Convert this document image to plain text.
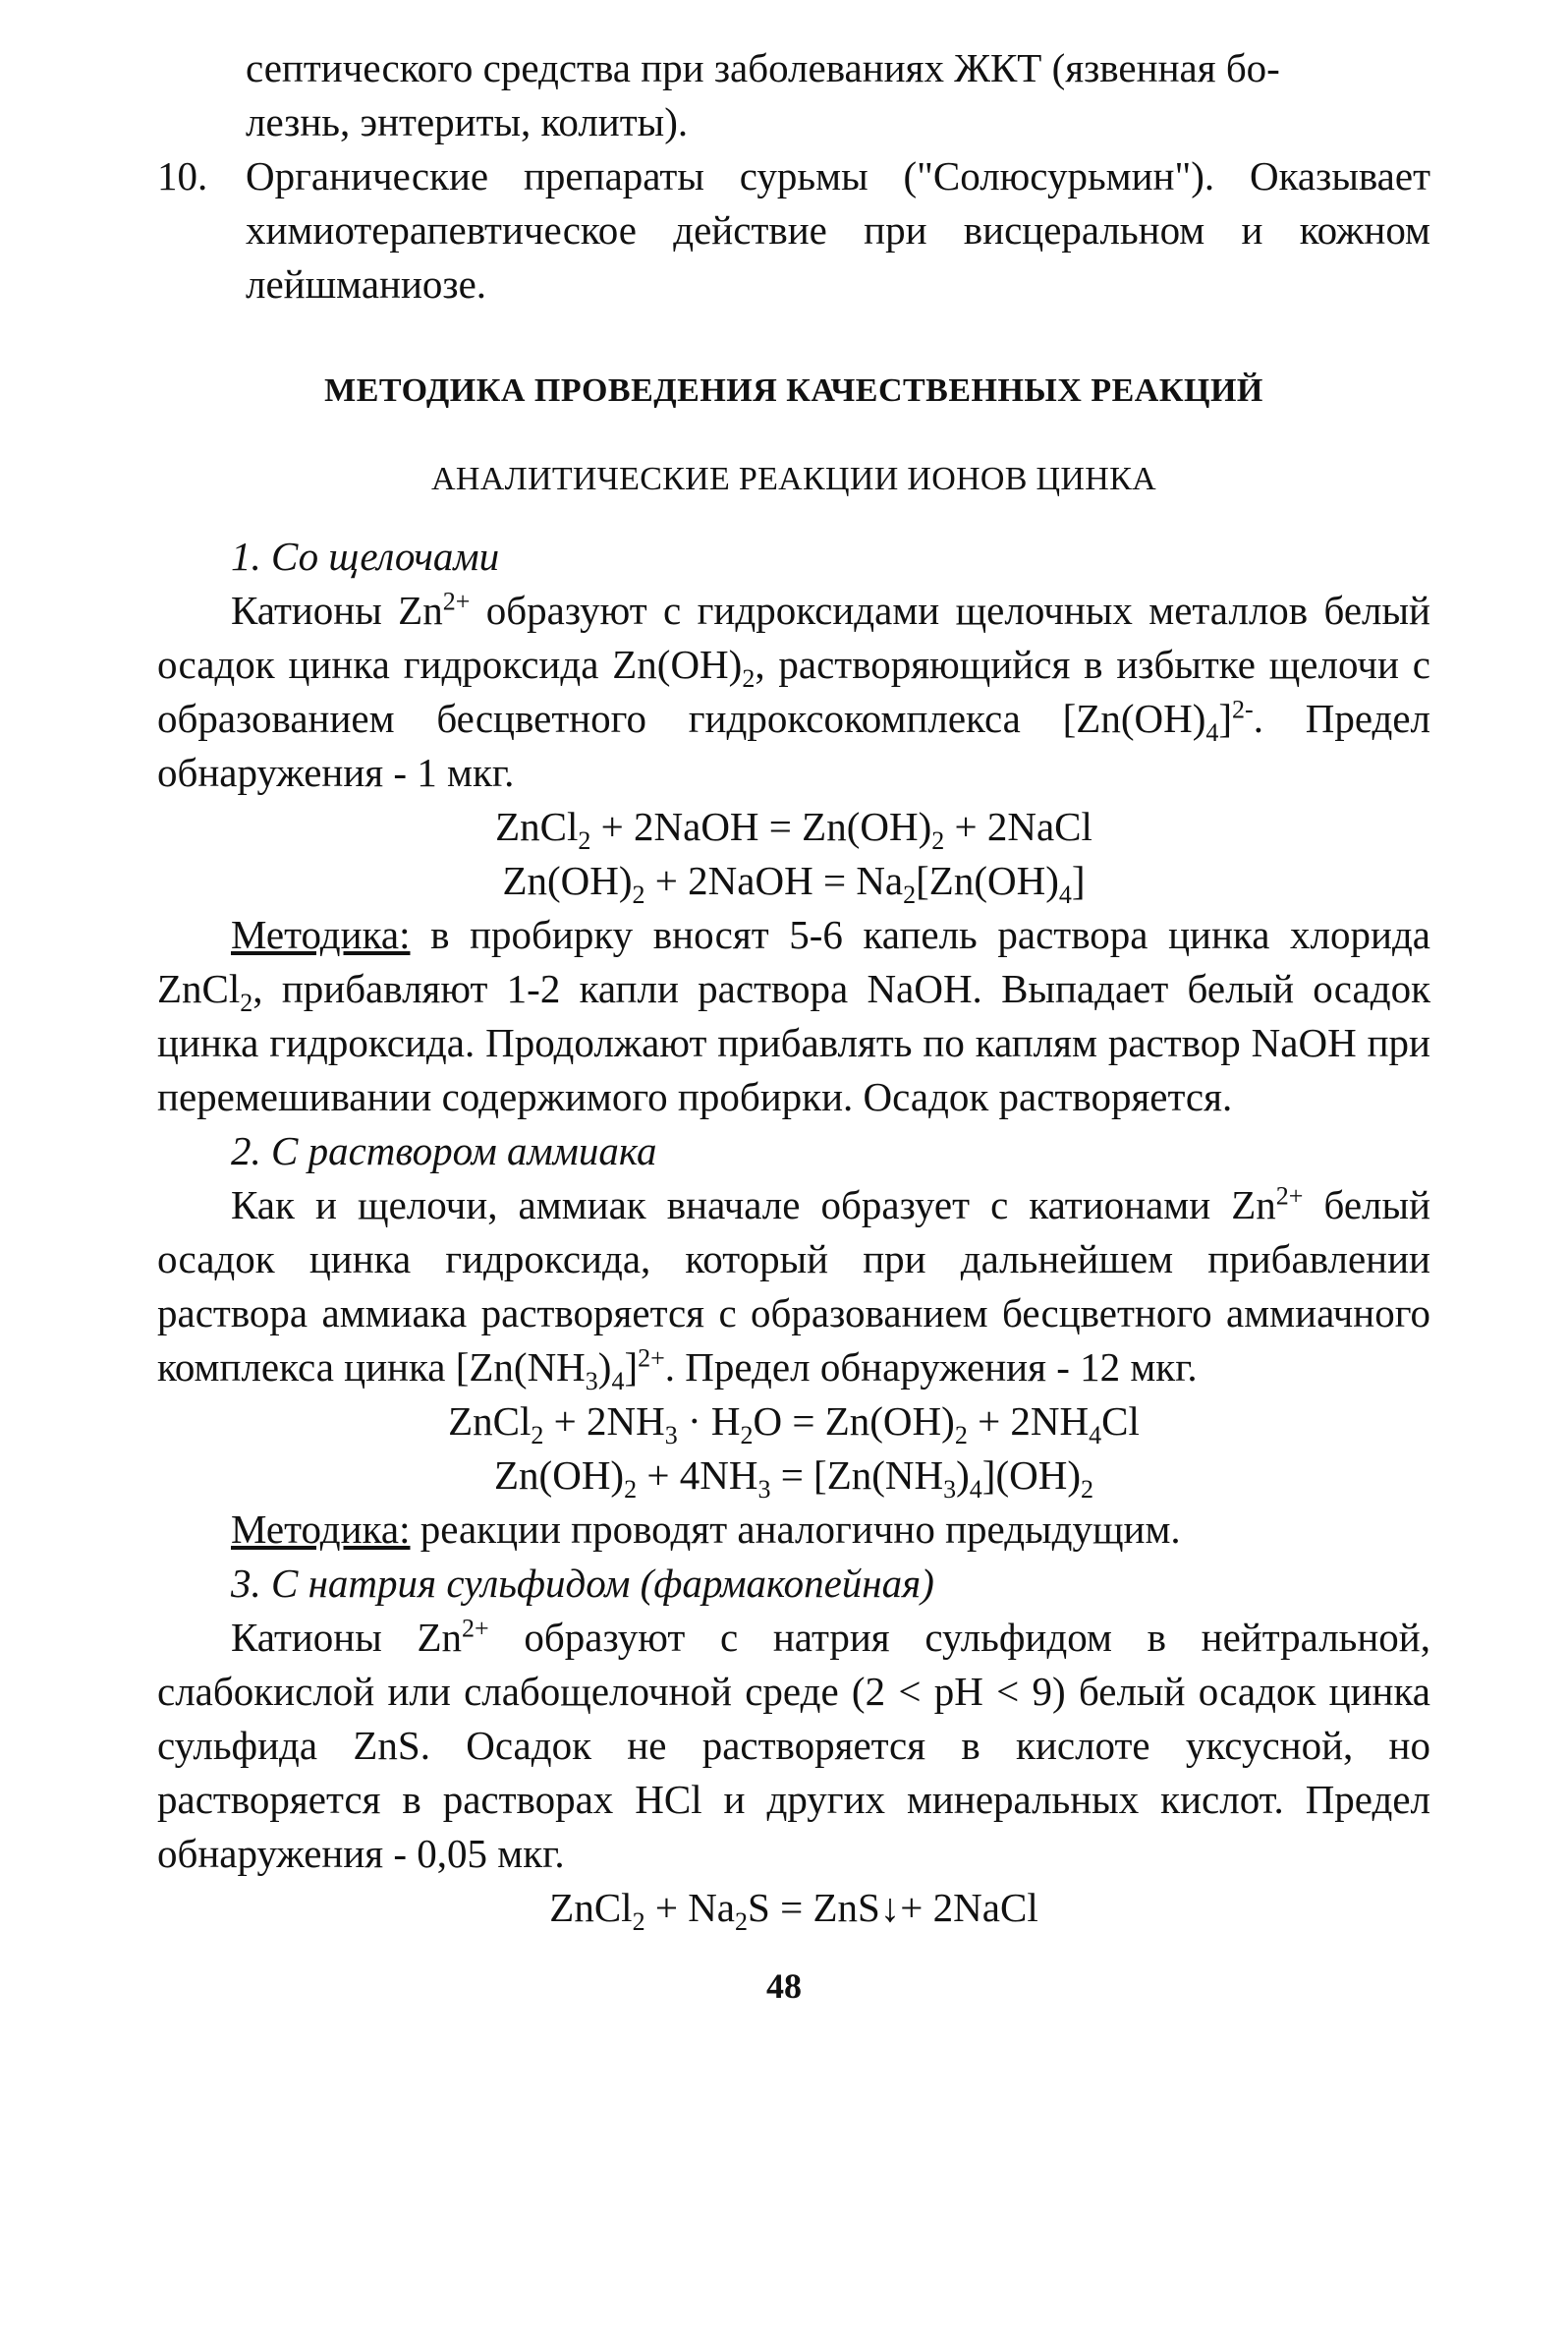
септического средства при заболеваниях ЖКТ (язвенная бо-
лезнь, энтериты, колиты).

10. Органические препараты сурьмы ("Солюсурьмин"). Оказывает химиотерапевтическое действие при висцеральном и кожном лейшманиозе.
МЕТОДИКА ПРОВЕДЕНИЯ КАЧЕСТВЕННЫХ РЕАКЦИЙ
АНАЛИТИЧЕСКИЕ РЕАКЦИИ ИОНОВ ЦИНКА

1. Со щелочами

Катионы $Zn^{2+}$ образуют с гидроксидами щелочных металлов белый осадок цинка гидроксида $Zn(OH)_2$, растворяющийся в избытке щелочи с образованием бесцветного гидроксокомплекса $[Zn(OH)_4]^{2-}$. Предел обнаружения - 1 мкг.

ZnCl$_2$ + 2NaOH = $Zn(OH)_2$ + 2NaCl

$Zn(OH)_2$ + 2NaOH = $Na_2[Zn(OH)_4]$

Методика: в пробирку вносят 5-6 капель раствора цинка хлорида ZnCl$_2$, прибавляют 1-2 капли раствора NaOH. Выпадает белый осадок цинка гидроксида. Продолжают прибавлять по каплям раствор NaOH при перемешивании содержимого пробирки. Осадок растворяется.

2. С раствором аммиака

Как и щелочи, аммиак вначале образует с катионами $Zn^{2+}$ белый осадок цинка гидроксида, который при дальнейшем прибавлении раствора аммиака растворяется с образованием бесцветного аммиачного комплекса цинка $[Zn(NH_3)_4]^{2+}$. Предел обнаружения - 12 мкг.

ZnCl$_2$ + $2NH_3 \cdot H_2O = Zn(OH)_2 + 2NH_4Cl$

$Zn(OH)_2 + 4NH_3 = [Zn(NH_3)_4](OH)_2$

Методика: реакции проводят аналогично предыдущим.

3. С натрия сульфидом (фармакопейная)

Катионы $Zn^{2+}$ образуют с натрия сульфидом в нейтральной, слабокислой или слабощелочной среде (2 < pH < 9) белый осадок цинка сульфида ZnS. Осадок не растворяется в кислоте уксусной, но растворяется в растворах HCl и других минеральных кислот. Предел обнаружения - 0,05 мкг.

ZnCl$_2$ + $Na_2S$ = ZnS↓+ 2NaCl

48
